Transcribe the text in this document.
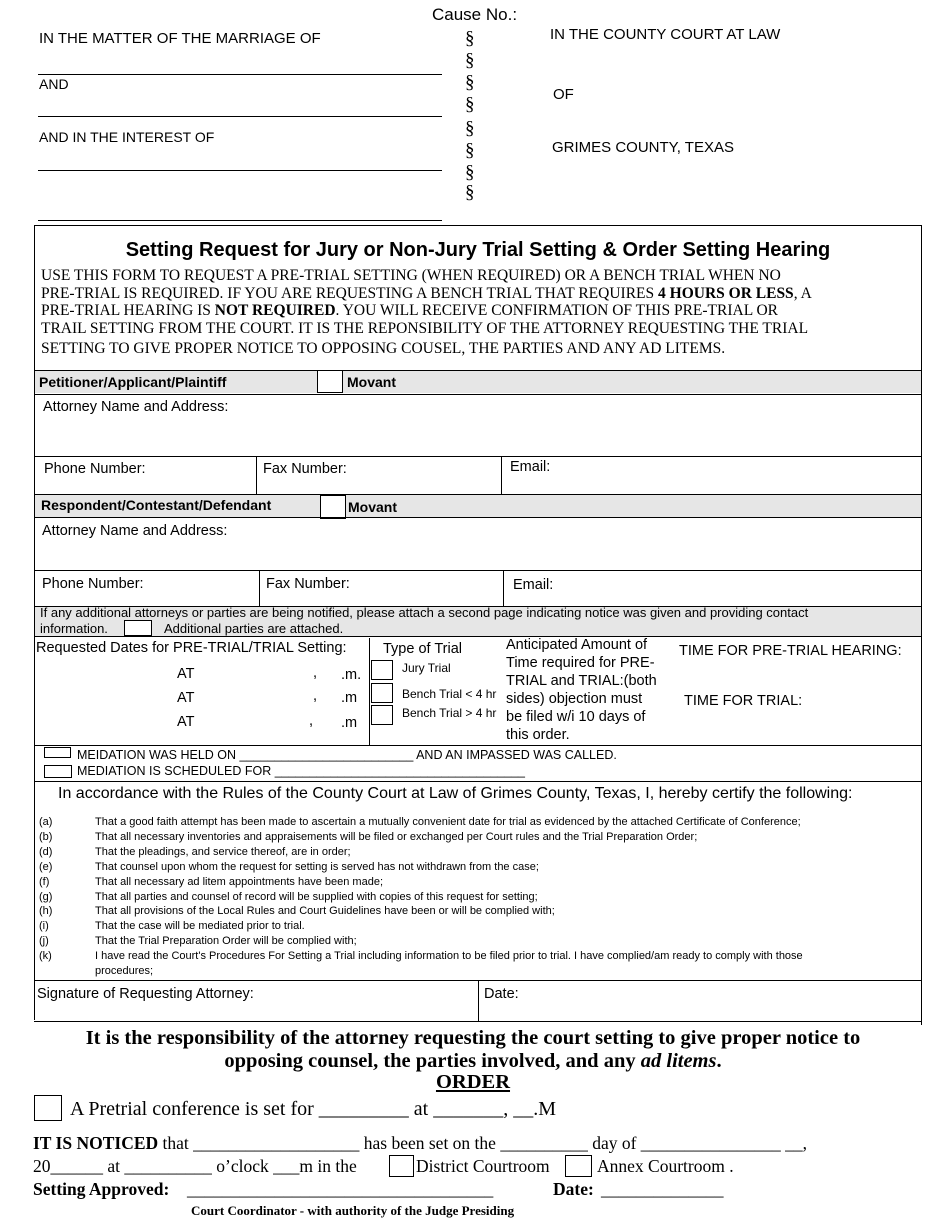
Cause No.:
IN THE MATTER OF THE MARRIAGE OF
AND
AND IN THE INTEREST OF
§
§
§
§
§
§
§
§
IN THE COUNTY COURT AT LAW
OF
GRIMES COUNTY, TEXAS
Setting Request for Jury or Non-Jury Trial Setting & Order Setting Hearing
USE THIS FORM TO REQUEST A PRE-TRIAL SETTING (WHEN REQUIRED) OR A BENCH TRIAL WHEN NO
PRE-TRIAL IS REQUIRED. IF YOU ARE REQUESTING A BENCH TRIAL THAT REQUIRES 4 HOURS OR LESS, A
PRE-TRIAL HEARING IS NOT REQUIRED. YOU WILL RECEIVE CONFIRMATION OF THIS PRE-TRIAL OR
TRAIL SETTING FROM THE COURT. IT IS THE REPONSIBILITY OF THE ATTORNEY REQUESTING THE TRIAL
SETTING TO GIVE PROPER NOTICE TO OPPOSING COUSEL, THE PARTIES AND ANY AD LITEMS.
Petitioner/Applicant/Plaintiff	Movant
Attorney Name and Address:
Phone Number:	Fax Number:	Email:
Respondent/Contestant/Defendant	Movant
Attorney Name and Address:
Phone Number:	Fax Number:	Email:
If any additional attorneys or parties are being notified, please attach a second page indicating notice was given and providing contact
information.	Additional parties are attached.
Requested Dates for PRE-TRIAL/TRIAL Setting:
AT	, .m.
AT	, .m
AT	, .m
Type of Trial
Jury Trial
Bench Trial < 4 hr
Bench Trial > 4 hr
Anticipated Amount of
Time required for PRE-
TRIAL and TRIAL:(both
sides) objection must
be filed w/i 10 days of
this order.
TIME FOR PRE-TRIAL HEARING:
TIME FOR TRIAL:
MEIDATION WAS HELD ON _________________________ AND AN IMPASSED WAS CALLED.
MEDIATION IS SCHEDULED FOR ____________________________________
In accordance with the Rules of the County Court at Law of Grimes County, Texas, I, hereby certify the following:
(a)	That a good faith attempt has been made to ascertain a mutually convenient date for trial as evidenced by the attached Certificate of Conference;
(b)	That all necessary inventories and appraisements will be filed or exchanged per Court rules and the Trial Preparation Order;
(d)	That the pleadings, and service thereof, are in order;
(e)	That counsel upon whom the request for setting is served has not withdrawn from the case;
(f)	That all necessary ad litem appointments have been made;
(g)	That all parties and counsel of record will be supplied with copies of this request for setting;
(h)	That all provisions of the Local Rules and Court Guidelines have been or will be complied with;
(i)	That the case will be mediated prior to trial.
(j)	That the Trial Preparation Order will be complied with;
(k)	I have read the Court's Procedures For Setting a Trial including information to be filed prior to trial. I have complied/am ready to comply with those
procedures;
Signature of Requesting Attorney:	Date:
It is the responsibility of the attorney requesting the court setting to give proper notice to
opposing counsel, the parties involved, and any ad litems.
ORDER
A Pretrial conference is set for _________ at _______, __.M
IT IS NOTICED that ___________________ has been set on the __________ day of ________________ __,
20______ at __________ o’clock ___m in the	District Courtroom	Annex Courtroom .
Setting Approved: ___________________________________	Date: ______________
Court Coordinator - with authority of the Judge Presiding
